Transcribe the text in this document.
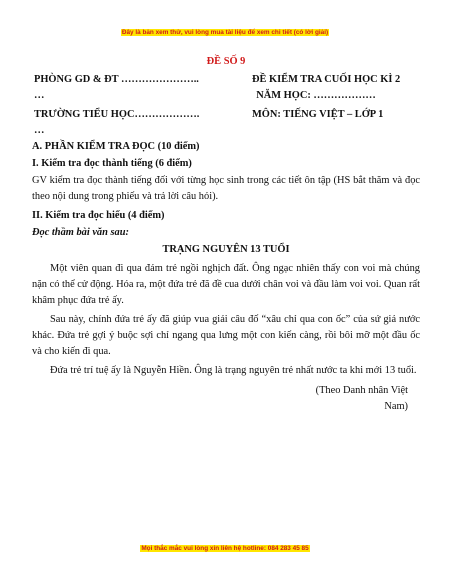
Đây là bản xem thử, vui lòng mua tài liệu để xem chi tiết (có lời giải)
ĐỀ SỐ 9
PHÒNG GD & ĐT …………………..	ĐỀ KIỂM TRA CUỐI HỌC KÌ 2
…	NĂM HỌC: ………………
TRƯỜNG TIỂU HỌC……………….	MÔN: TIẾNG VIỆT – LỚP 1
…
A. PHẦN KIỂM TRA ĐỌC (10 điểm)
I. Kiểm tra đọc thành tiếng (6 điểm)
GV kiểm tra đọc thành tiếng đối với từng học sinh trong các tiết ôn tập (HS bắt thăm và đọc theo nội dung trong phiếu và trả lời câu hỏi).
II. Kiểm tra đọc hiểu (4 điểm)
Đọc thầm bài văn sau:
TRẠNG NGUYÊN 13 TUỔI
Một viên quan đi qua đám trẻ ngồi nghịch đất. Ông ngạc nhiên thấy con voi mà chúng nặn có thể cử động. Hóa ra, một đứa trẻ đã đề cua dưới chân voi và đầu làm voi voi. Quan rất khâm phục đứa trẻ ấy.
Sau này, chính đứa trẻ ấy đã giúp vua giải câu đố “xâu chỉ qua con ốc” của sứ giả nước khác. Đứa trẻ gợi ý buộc sợi chỉ ngang qua lưng một con kiến càng, rồi bôi mỡ một đầu ốc và cho kiến đi qua.
Đứa trẻ trí tuệ ấy là Nguyễn Hiền. Ông là trạng nguyên trẻ nhất nước ta khi mới 13 tuổi.
(Theo Danh nhân Việt
Nam)
Mọi thắc mắc vui lòng xin liên hệ hotline: 084 283 45 85
